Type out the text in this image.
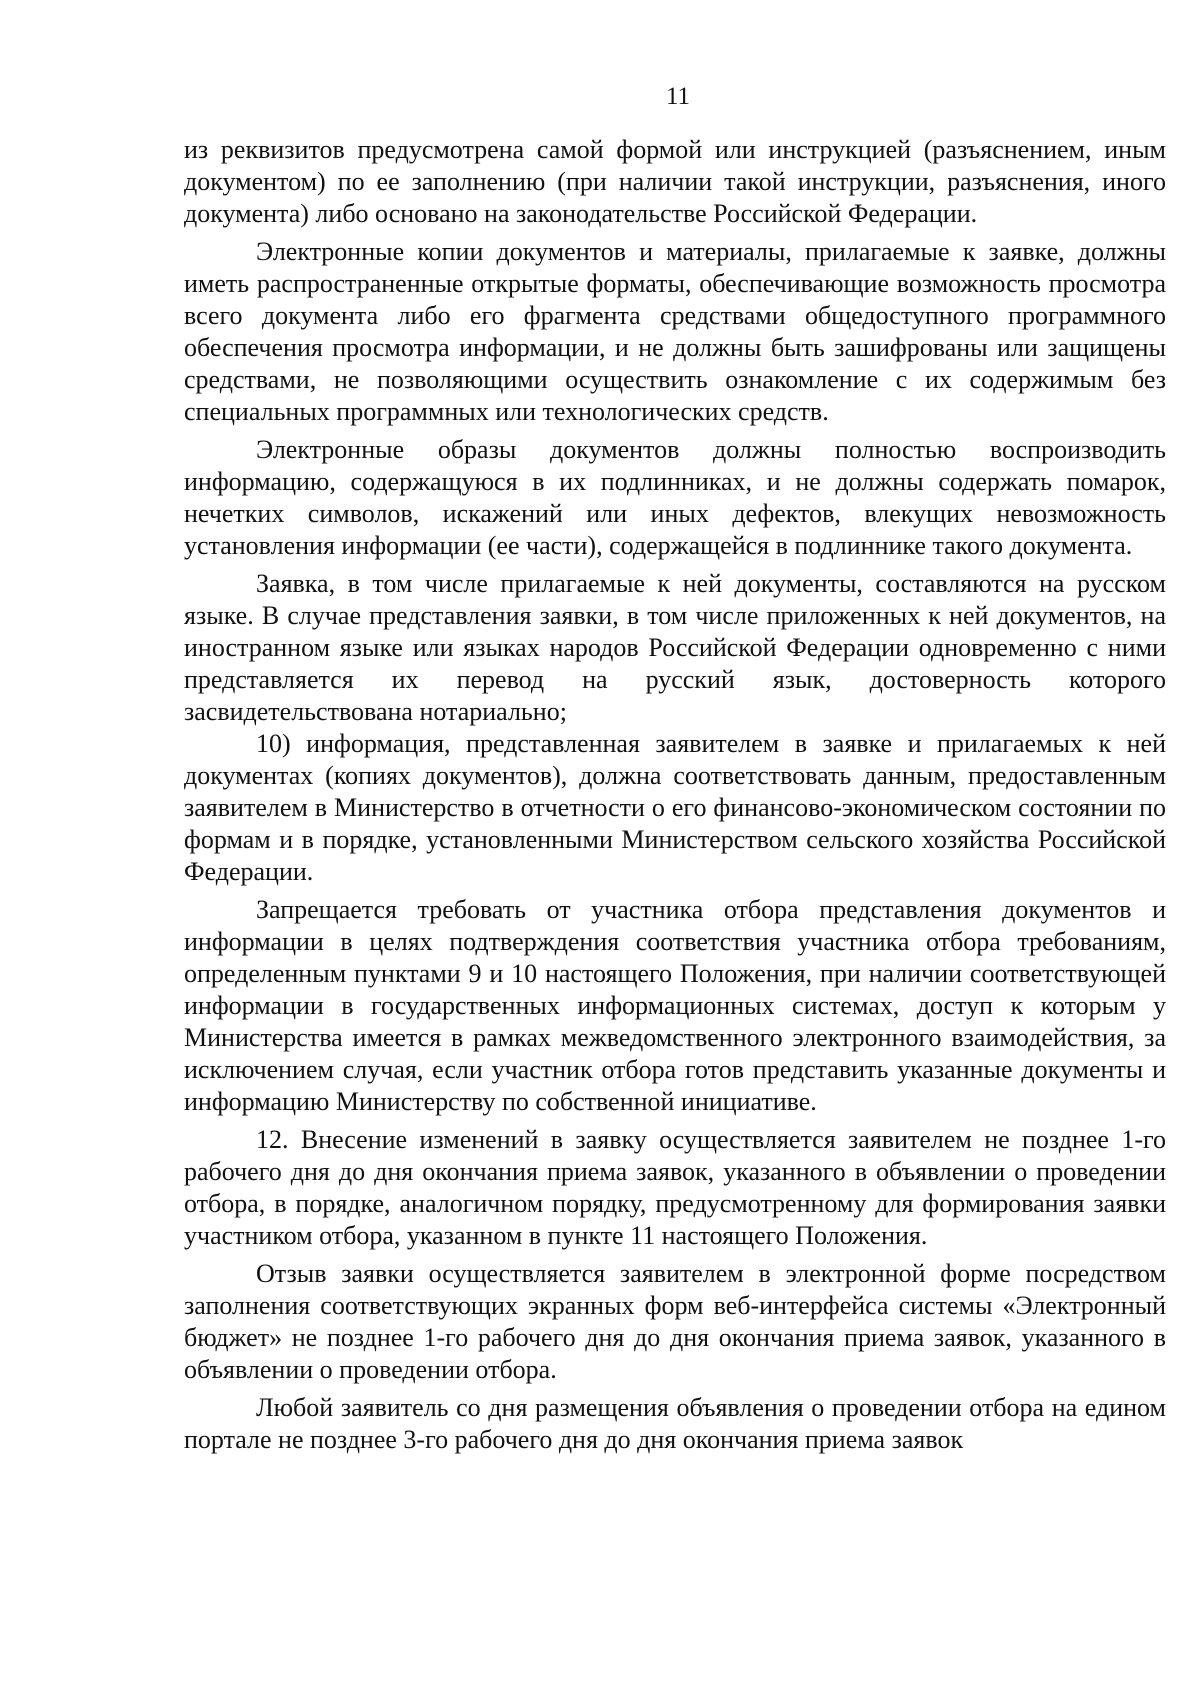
11

из реквизитов предусмотрена самой формой или инструкцией (разъяснением, иным документом) по ее заполнению (при наличии такой инструкции, разъяснения, иного документа) либо основано на законодательстве Российской Федерации.

Электронные копии документов и материалы, прилагаемые к заявке, должны иметь распространенные открытые форматы, обеспечивающие возможность просмотра всего документа либо его фрагмента средствами общедоступного программного обеспечения просмотра информации, и не должны быть зашифрованы или защищены средствами, не позволяющими осуществить ознакомление с их содержимым без специальных программных или технологических средств.

Электронные образы документов должны полностью воспроизводить информацию, содержащуюся в их подлинниках, и не должны содержать помарок, нечетких символов, искажений или иных дефектов, влекущих невозможность установления информации (ее части), содержащейся в подлиннике такого документа.

Заявка, в том числе прилагаемые к ней документы, составляются на русском языке. В случае представления заявки, в том числе приложенных к ней документов, на иностранном языке или языках народов Российской Федерации одновременно с ними представляется их перевод на русский язык, достоверность которого засвидетельствована нотариально;

10) информация, представленная заявителем в заявке и прилагаемых к ней документах (копиях документов), должна соответствовать данным, предоставленным заявителем в Министерство в отчетности о его финансово-экономическом состоянии по формам и в порядке, установленными Министерством сельского хозяйства Российской Федерации.

Запрещается требовать от участника отбора представления документов и информации в целях подтверждения соответствия участника отбора требованиям, определенным пунктами 9 и 10 настоящего Положения, при наличии соответствующей информации в государственных информационных системах, доступ к которым у Министерства имеется в рамках межведомственного электронного взаимодействия, за исключением случая, если участник отбора готов представить указанные документы и информацию Министерству по собственной инициативе.

12. Внесение изменений в заявку осуществляется заявителем не позднее 1-го рабочего дня до дня окончания приема заявок, указанного в объявлении о проведении отбора, в порядке, аналогичном порядку, предусмотренному для формирования заявки участником отбора, указанном в пункте 11 настоящего Положения.

Отзыв заявки осуществляется заявителем в электронной форме посредством заполнения соответствующих экранных форм веб-интерфейса системы «Электронный бюджет» не позднее 1-го рабочего дня до дня окончания приема заявок, указанного в объявлении о проведении отбора.

Любой заявитель со дня размещения объявления о проведении отбора на едином портале не позднее 3-го рабочего дня до дня окончания приема заявок
